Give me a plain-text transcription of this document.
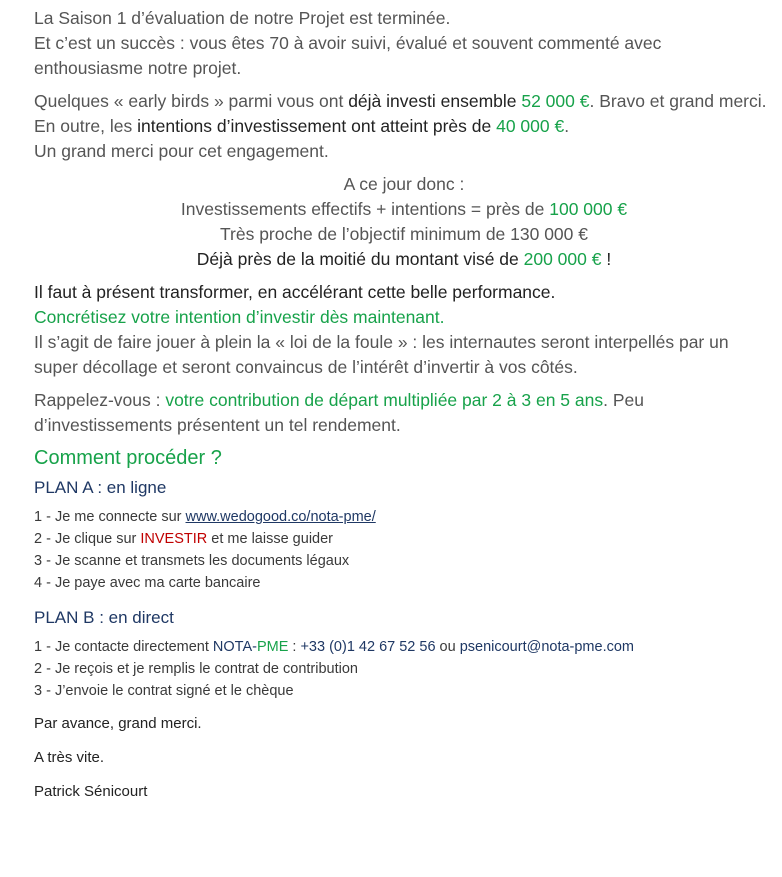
La Saison 1 d’évaluation de notre Projet est terminée.

Et c’est un succès : vous êtes 70 à avoir suivi, évalué et souvent commenté avec enthousiasme notre projet.

Quelques « early birds » parmi vous ont déjà investi ensemble 52 000 €. Bravo et grand merci.

En outre, les intentions d’investissement ont atteint près de 40 000 €.

Un grand merci pour cet engagement.

A ce jour donc :

Investissements effectifs + intentions = près de 100 000 €

Très proche de l’objectif minimum de 130 000 €

Déjà près de la moitié du montant visé de 200 000 € !

Il faut à présent transformer, en accélérant cette belle performance.

Concrétisez votre intention d’investir dès maintenant.

Il s’agit de faire jouer à plein la « loi de la foule » : les internautes seront interpellés par un super décollage et seront convaincus de l’intérêt d’invertir à vos côtés.

Rappelez-vous : votre contribution de départ multipliée par 2 à 3 en 5 ans. Peu d’investissements présentent un tel rendement.

Comment procéder ?

PLAN A : en ligne

1 - Je me connecte sur www.wedogood.co/nota-pme/

2 - Je clique sur INVESTIR et me laisse guider

3 - Je scanne et transmets les documents légaux

4 - Je paye avec ma carte bancaire

PLAN B : en direct

1 - Je contacte directement NOTA-PME : +33 (0)1 42 67 52 56 ou psenicourt@nota-pme.com

2 - Je reçois et je remplis le contrat de contribution

3 - J’envoie le contrat signé et le chèque

Par avance, grand merci.

A très vite.

Patrick Sénicourt
